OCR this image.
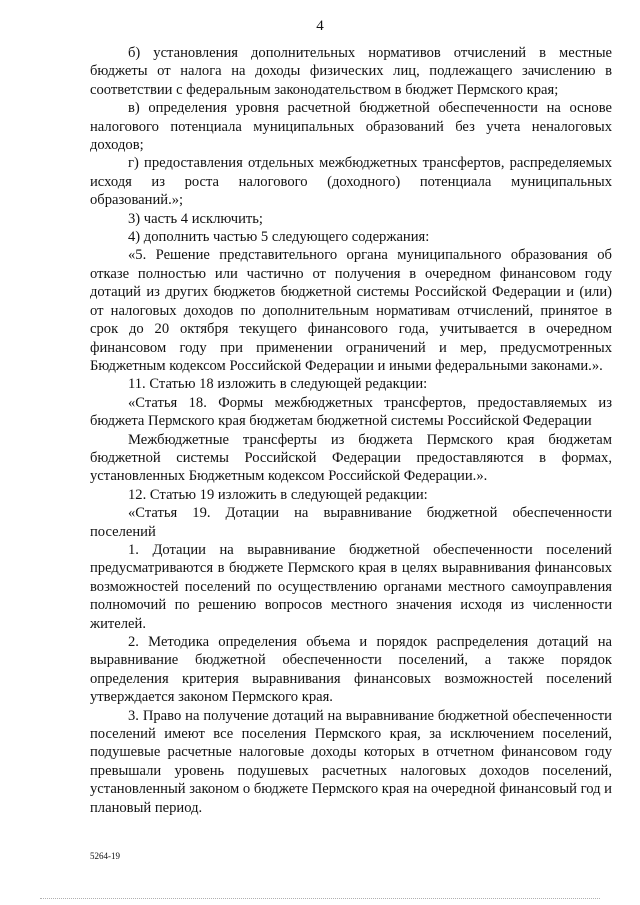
4

б) установления дополнительных нормативов отчислений в местные бюджеты от налога на доходы физических лиц, подлежащего зачислению в соответствии с федеральным законодательством в бюджет Пермского края;

в) определения уровня расчетной бюджетной обеспеченности на основе налогового потенциала муниципальных образований без учета неналоговых доходов;

г) предоставления отдельных межбюджетных трансфертов, распределяемых исходя из роста налогового (доходного) потенциала муниципальных образований.»;

3) часть 4 исключить;

4) дополнить частью 5 следующего содержания:

«5. Решение представительного органа муниципального образования об отказе полностью или частично от получения в очередном финансовом году дотаций из других бюджетов бюджетной системы Российской Федерации и (или) от налоговых доходов по дополнительным нормативам отчислений, принятое в срок до 20 октября текущего финансового года, учитывается в очередном финансовом году при применении ограничений и мер, предусмотренных Бюджетным кодексом Российской Федерации и иными федеральными законами.».

11. Статью 18 изложить в следующей редакции:

«Статья 18. Формы межбюджетных трансфертов, предоставляемых из бюджета Пермского края бюджетам бюджетной системы Российской Федерации

Межбюджетные трансферты из бюджета Пермского края бюджетам бюджетной системы Российской Федерации предоставляются в формах, установленных Бюджетным кодексом Российской Федерации.».

12. Статью 19 изложить в следующей редакции:

«Статья 19. Дотации на выравнивание бюджетной обеспеченности поселений

1. Дотации на выравнивание бюджетной обеспеченности поселений предусматриваются в бюджете Пермского края в целях выравнивания финансовых возможностей поселений по осуществлению органами местного самоуправления полномочий по решению вопросов местного значения исходя из численности жителей.

2. Методика определения объема и порядок распределения дотаций на выравнивание бюджетной обеспеченности поселений, а также порядок определения критерия выравнивания финансовых возможностей поселений утверждается законом Пермского края.

3. Право на получение дотаций на выравнивание бюджетной обеспеченности поселений имеют все поселения Пермского края, за исключением поселений, подушевые расчетные налоговые доходы которых в отчетном финансовом году превышали уровень подушевых расчетных налоговых доходов поселений, установленный законом о бюджете Пермского края на очередной финансовый год и плановый период.

5264-19
